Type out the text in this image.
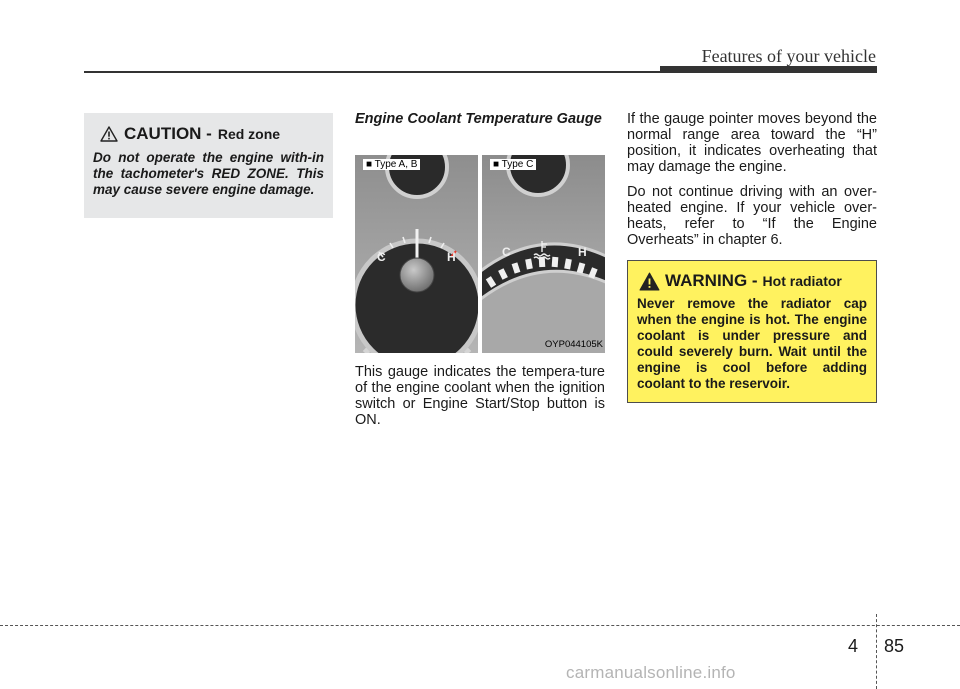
Features of your vehicle
CAUTION - Red zone
Do not operate the engine with-in the tachometer's RED ZONE. This may cause severe engine damage.
Engine Coolant Temperature Gauge
C	H
■ Type A, B
C	H
■ Type C
OYP044105K
This gauge indicates the tempera-ture of the engine coolant when the ignition switch or Engine Start/Stop button is ON.

If the gauge pointer moves beyond the normal range area toward the “H” position, it indicates overheating that may damage the engine.

Do not continue driving with an over-heated engine. If your vehicle over-heats, refer to “If the Engine Overheats” in chapter 6.

WARNING - Hot radiator
Never remove the radiator cap when the engine is hot. The engine coolant is under pressure and could severely burn. Wait until the engine is cool before adding coolant to the reservoir.
4 85
carmanualsonline.info
